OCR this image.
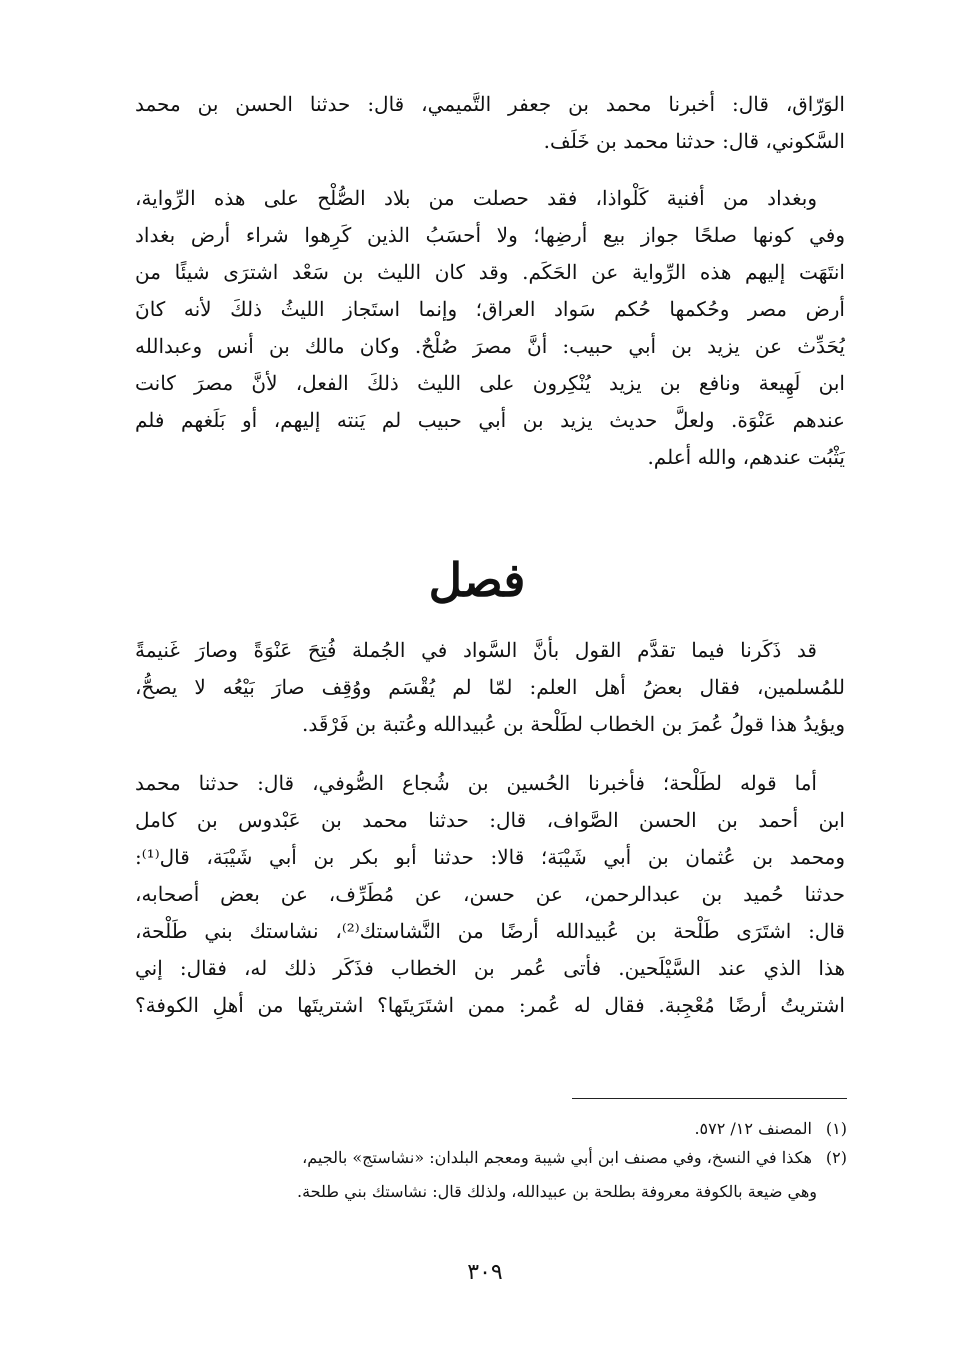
الوَرّاق، قال: أخبرنا محمد بن جعفر التَّميمي، قال: حدثنا الحسن بن محمد
السَّكوني، قال: حدثنا محمد بن خَلَف.
وبغداد من أفنية كَلْواذا، فقد حصلت من بلاد الصُّلْح على هذه الرِّواية،
وفي كونها صلحًا جواز بيع أرضِها؛ ولا أحسَبُ الذين كَرِهوا شراء أرض بغداد
انتَهَت إليهم هذه الرِّواية عن الحَكَم. وقد كان الليث بن سَعْد اشترَى شيئًا من
أرض مصر وحُكمها حُكم سَواد العراق؛ وإنما استَجاز الليثُ ذلكَ لأنه كانَ
يُحَدِّث عن يزيد بن أبي حبيب: أنَّ مصرَ صُلْحٌ. وكان مالك بن أنس وعبدالله
ابن لَهِيعة ونافع بن يزيد يُنْكِرون على الليث ذلكَ الفعل، لأنَّ مصرَ كانت
عندهم عَنْوَة. ولعلَّ حديث يزيد بن أبي حبيب لم يَنته إليهم، أو بَلَغهم فلم
يَثْبُت عندهم، والله أعلم.
فصل
قد ذَكَرنا فيما تقدَّم القول بأنَّ السَّواد في الجُملة فُتِحَ عَنْوَةً وصارَ غَنيمةً
للمُسلمين، فقال بعضُ أهل العلم: لمّا لم يُقْسَم ووُقِف صارَ بَيْعُه لا يصحُّ،
ويؤيدُ هذا قولُ عُمرَ بن الخطاب لطَلْحة بن عُبيدالله وعُتبة بن فَرْقَد.
أما قوله لطَلْحة؛ فأخبرنا الحُسين بن شُجاع الصُّوفي، قال: حدثنا محمد
ابن أحمد بن الحسن الصَّواف، قال: حدثنا محمد بن عَبْدوس بن كامل
ومحمد بن عُثمان بن أبي شَيْبَة؛ قالا: حدثنا أبو بكر بن أبي شَيْبَة، قال⁽¹⁾:
حدثنا حُميد بن عبدالرحمن، عن حسن، عن مُطَرِّف، عن بعض أصحابه،
قال: اشتَرَى طَلْحة بن عُبيدالله أرضًا من النَّشاستك⁽²⁾، نشاستك بني طَلْحة،
هذا الذي عند السَّيْلَحين. فأتى عُمر بن الخطاب فذَكَر ذلك له، فقال: إني
اشتريتُ أرضًا مُعْجِبة. فقال له عُمر: ممن اشتَرَيتَها؟ اشتريتَها من أهلِ الكوفة؟
(١) المصنف ١٢/ ٥٧٢.
(٢) هكذا في النسخ، وفي مصنف ابن أبي شيبة ومعجم البلدان: «نشاستج» بالجيم،
وهي ضيعة بالكوفة معروفة بطلحة بن عبيدالله، ولذلك قال: نشاستك بني طلحة.
٣٠٩
